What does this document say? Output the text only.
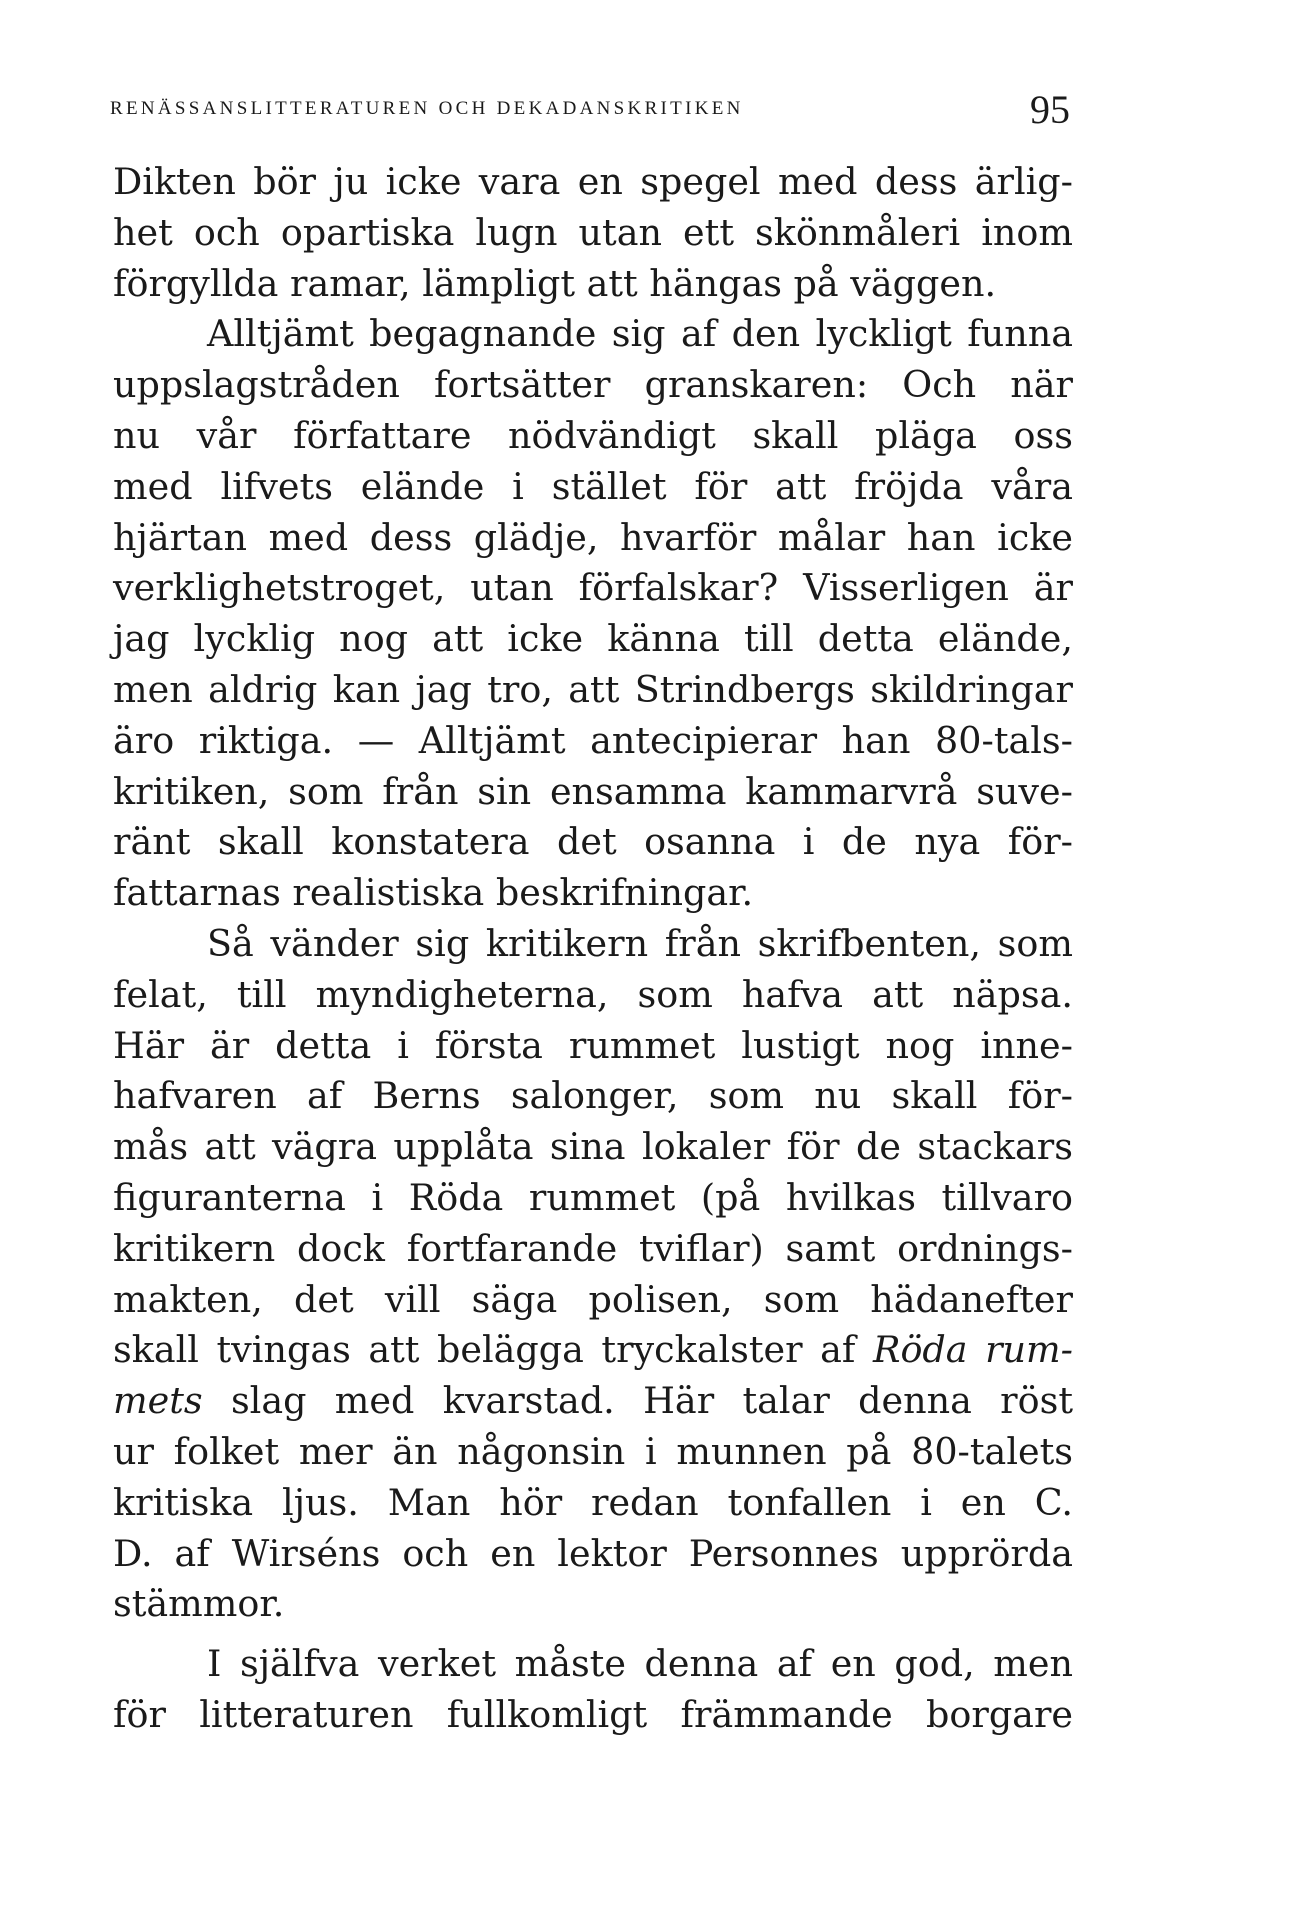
RENÄSSANSLITTERATUREN OCH DEKADANSKRITIKEN	95
Dikten bör ju icke vara en spegel med dess ärlig-
het och opartiska lugn utan ett skönmåleri inom
förgyllda ramar, lämpligt att hängas på väggen.
Alltjämt begagnande sig af den lyckligt funna
uppslagstråden fortsätter granskaren: Och när
nu vår författare nödvändigt skall pläga oss
med lifvets elände i stället för att fröjda våra
hjärtan med dess glädje, hvarför målar han icke
verklighetstroget, utan förfalskar? Visserligen är
jag lycklig nog att icke känna till detta elände,
men aldrig kan jag tro, att Strindbergs skildringar
äro riktiga. — Alltjämt antecipierar han 80-tals-
kritiken, som från sin ensamma kammarvrå suve-
ränt skall konstatera det osanna i de nya för-
fattarnas realistiska beskrifningar.
Så vänder sig kritikern från skrifbenten, som
felat, till myndigheterna, som hafva att näpsa.
Här är detta i första rummet lustigt nog inne-
hafvaren af Berns salonger, som nu skall för-
mås att vägra upplåta sina lokaler för de stackars
figuranterna i Röda rummet (på hvilkas tillvaro
kritikern dock fortfarande tviflar) samt ordnings-
makten, det vill säga polisen, som hädanefter
skall tvingas att belägga tryckalster af Röda rum-
mets slag med kvarstad. Här talar denna röst
ur folket mer än någonsin i munnen på 80-talets
kritiska ljus. Man hör redan tonfallen i en C.
D. af Wirséns och en lektor Personnes upprörda
stämmor.
I själfva verket måste denna af en god, men
för litteraturen fullkomligt främmande borgare
